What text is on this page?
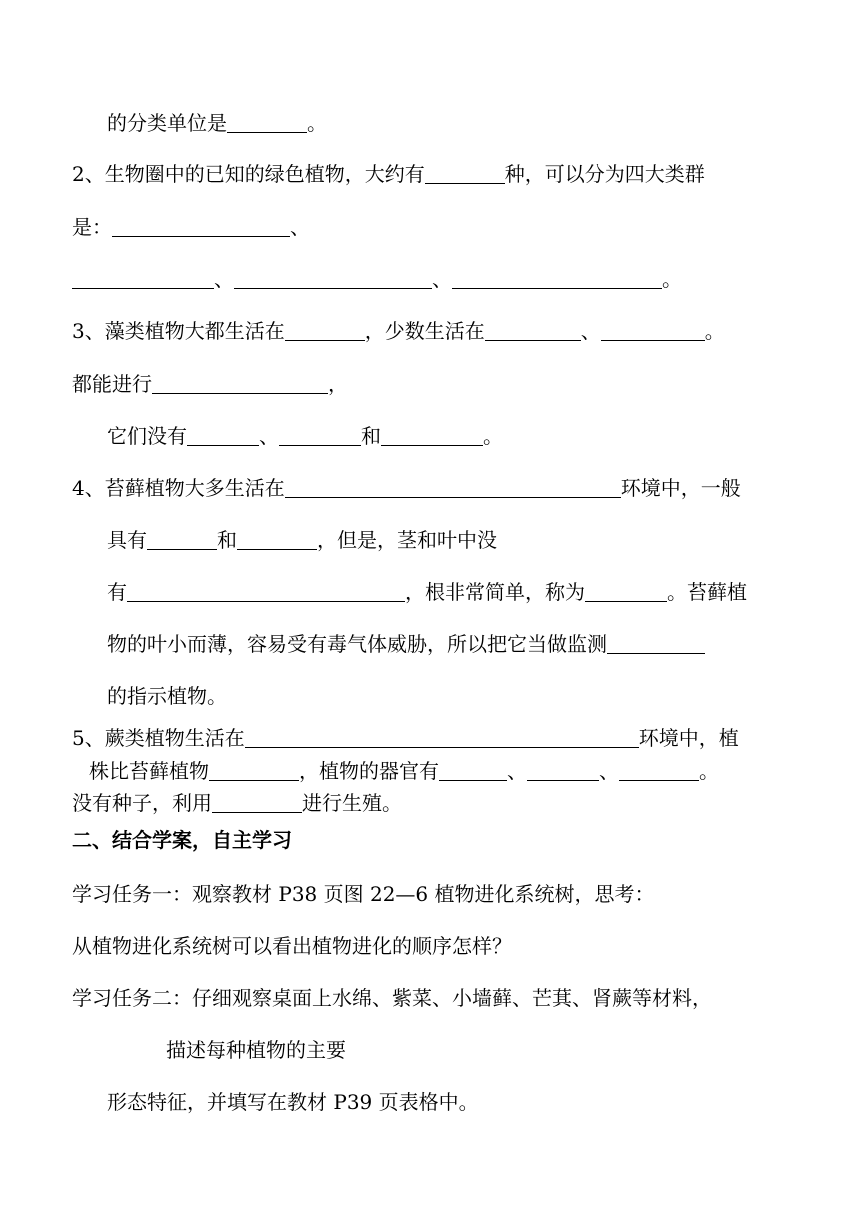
的分类单位是	。
2、生物圈中的已知的绿色植物，大约有	种，可以分为四大类群
是：	、
、	、	。
3、藻类植物大都生活在	，少数生活在	、	。
都能进行	，
它们没有	、	和	。
4、苔藓植物大多生活在	环境中，一般
具有	和	，但是，茎和叶中没
有	，根非常简单，称为	。苔藓植
物的叶小而薄，容易受有毒气体威胁，所以把它当做监测
的指示植物。
5、蕨类植物生活在	环境中，植
株比苔藓植物	，植物的器官有	、	、	。
没有种子，利用	进行生殖。
二、结合学案，自主学习
学习任务一：观察教材 P38 页图 22—6 植物进化系统树，思考：
从植物进化系统树可以看出植物进化的顺序怎样？
学习任务二：仔细观察桌面上水绵、紫菜、小墙藓、芒萁、肾蕨等材料，
描述每种植物的主要
形态特征，并填写在教材 P39 页表格中。
